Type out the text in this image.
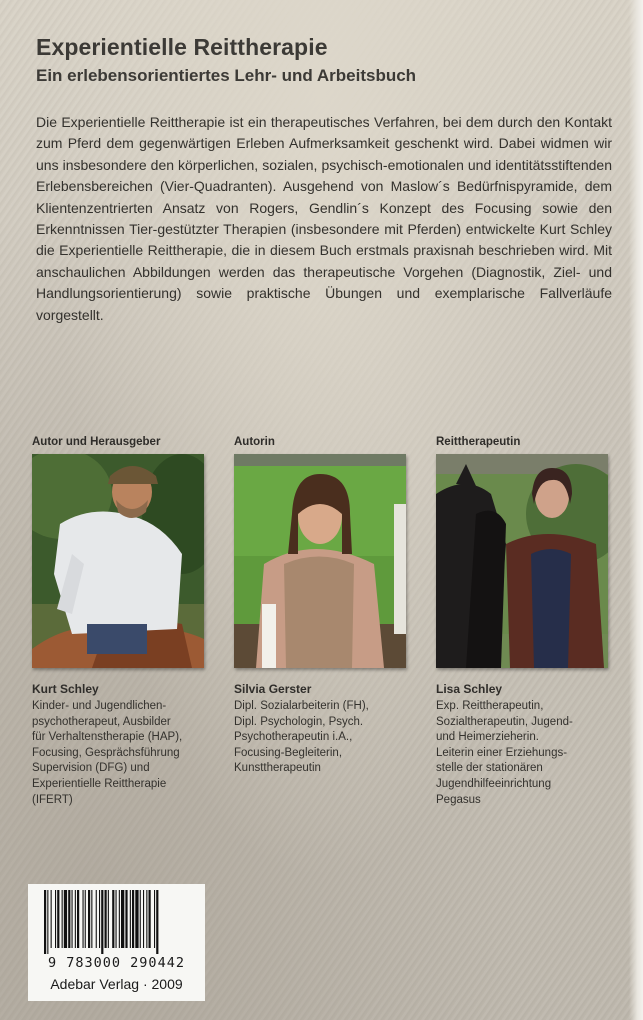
Experientielle Reittherapie
Ein erlebensorientiertes Lehr- und Arbeitsbuch

Die Experientielle Reittherapie ist ein therapeutisches Verfahren, bei dem durch den Kontakt zum Pferd dem gegenwärtigen Erleben Aufmerksamkeit geschenkt wird. Dabei widmen wir uns insbesondere den körperlichen, sozialen, psychisch-emotionalen und identitätsstiftenden Erlebensbereichen (Vier-Quadranten). Ausgehend von Maslow´s Bedürfnispyramide, dem Klientenzentrierten Ansatz von Rogers, Gendlin´s Konzept des Focusing sowie den Erkenntnissen Tier-gestützter Therapien (insbesondere mit Pferden) entwickelte Kurt Schley die Experientielle Reittherapie, die in diesem Buch erstmals praxisnah beschrieben wird. Mit anschaulichen Abbildungen werden das therapeutische Vorgehen (Diagnostik, Ziel- und Handlungsorientierung) sowie praktische Übungen und exemplarische Fallverläufe vorgestellt.

Autor und Herausgeber
Kurt Schley
Kinder- und Jugendlichen-
psychotherapeut, Ausbilder
für Verhaltenstherapie (HAP),
Focusing, Gesprächsführung
Supervision (DFG) und
Experientielle Reittherapie
(IFERT)
Autorin
Silvia Gerster
Dipl. Sozialarbeiterin (FH),
Dipl. Psychologin, Psych.
Psychotherapeutin i.A.,
Focusing-Begleiterin,
Kunsttherapeutin
Reittherapeutin
Lisa Schley
Exp. Reittherapeutin,
Sozialtherapeutin, Jugend-
und Heimerzieherin.
Leiterin einer Erziehungs-
stelle der stationären
Jugendhilfeeinrichtung
Pegasus
9 783000 290442
Adebar Verlag · 2009
